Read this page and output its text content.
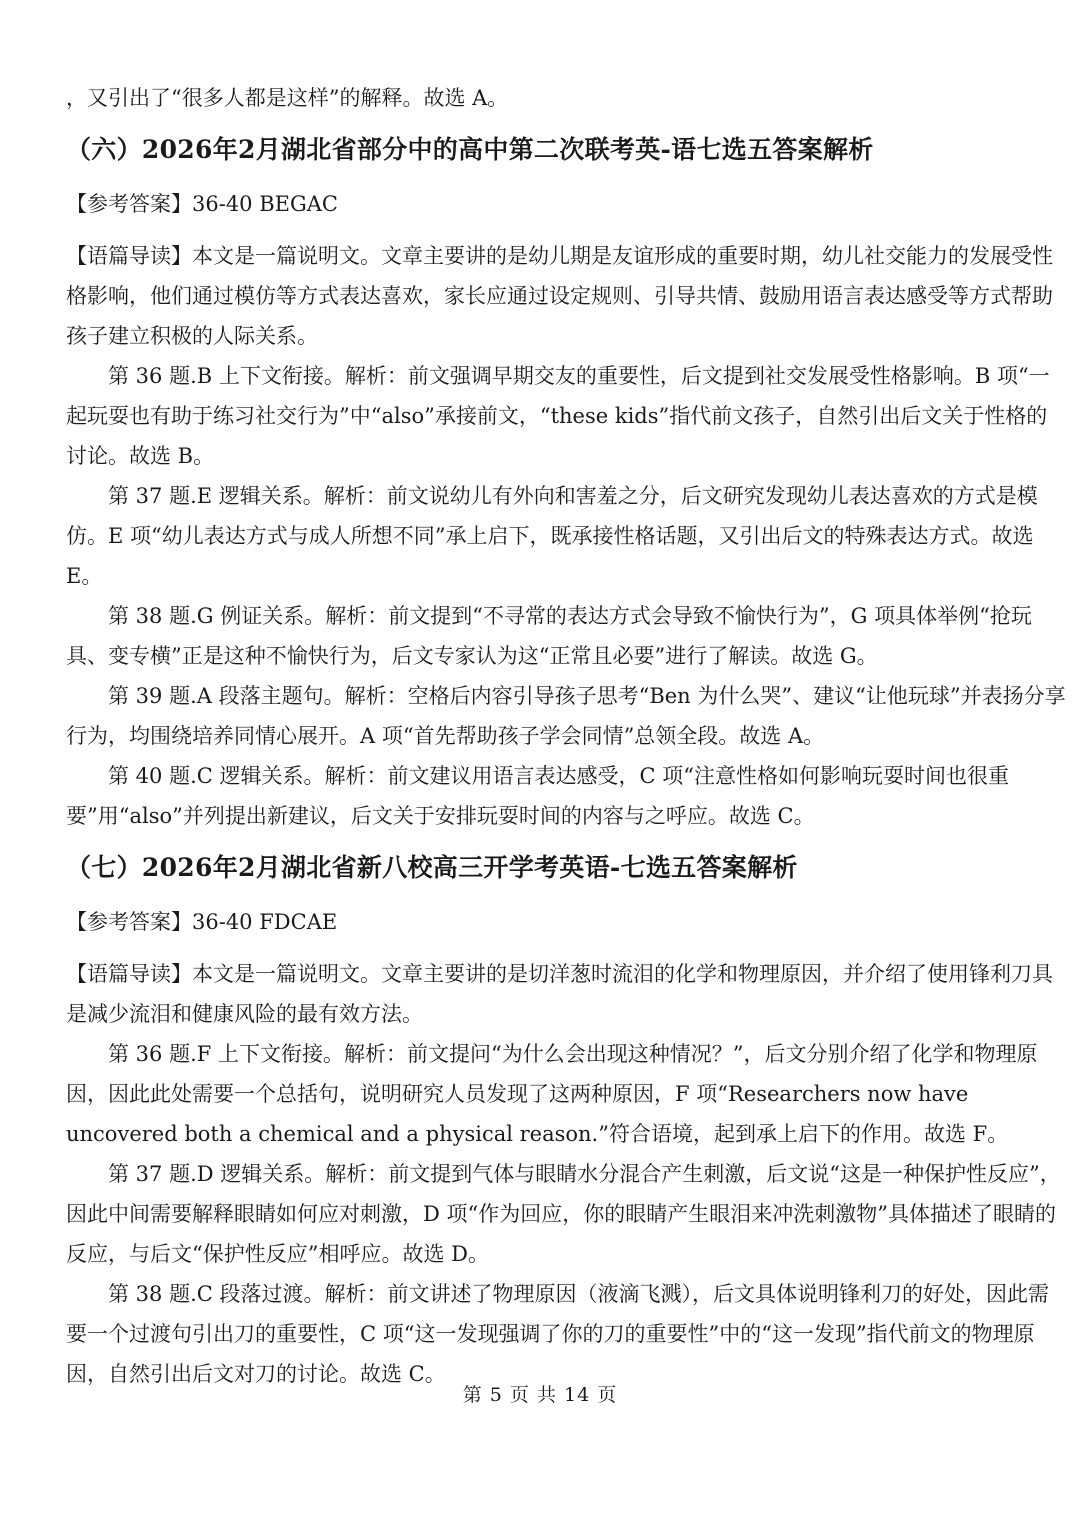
，又引出了“很多人都是这样”的解释。故选 A。

（六）2026年2月湖北省部分中的高中第二次联考英-语七选五答案解析

【参考答案】36-40 BEGAC

【语篇导读】本文是一篇说明文。文章主要讲的是幼儿期是友谊形成的重要时期，幼儿社交能力的发展受性格影响，他们通过模仿等方式表达喜欢，家长应通过设定规则、引导共情、鼓励用语言表达感受等方式帮助孩子建立积极的人际关系。

第 36 题.B 上下文衔接。解析：前文强调早期交友的重要性，后文提到社交发展受性格影响。B 项“一起玩耍也有助于练习社交行为”中“also”承接前文，“these kids”指代前文孩子，自然引出后文关于性格的讨论。故选 B。

第 37 题.E 逻辑关系。解析：前文说幼儿有外向和害羞之分，后文研究发现幼儿表达喜欢的方式是模仿。E 项“幼儿表达方式与成人所想不同”承上启下，既承接性格话题，又引出后文的特殊表达方式。故选 E。

第 38 题.G 例证关系。解析：前文提到“不寻常的表达方式会导致不愉快行为”，G 项具体举例“抢玩具、变专横”正是这种不愉快行为，后文专家认为这“正常且必要”进行了解读。故选 G。

第 39 题.A 段落主题句。解析：空格后内容引导孩子思考“Ben 为什么哭”、建议“让他玩球”并表扬分享行为，均围绕培养同情心展开。A 项“首先帮助孩子学会同情”总领全段。故选 A。

第 40 题.C 逻辑关系。解析：前文建议用语言表达感受，C 项“注意性格如何影响玩耍时间也很重要”用“also”并列提出新建议，后文关于安排玩耍时间的内容与之呼应。故选 C。

（七）2026年2月湖北省新八校高三开学考英语-七选五答案解析

【参考答案】36-40 FDCAE

【语篇导读】本文是一篇说明文。文章主要讲的是切洋葱时流泪的化学和物理原因，并介绍了使用锋利刀具是减少流泪和健康风险的最有效方法。

第 36 题.F 上下文衔接。解析：前文提问“为什么会出现这种情况？”，后文分别介绍了化学和物理原因，因此此处需要一个总括句，说明研究人员发现了这两种原因，F 项“Researchers now have uncovered both a chemical and a physical reason.”符合语境，起到承上启下的作用。故选 F。

第 37 题.D 逻辑关系。解析：前文提到气体与眼睛水分混合产生刺激，后文说“这是一种保护性反应”，因此中间需要解释眼睛如何应对刺激，D 项“作为回应，你的眼睛产生眼泪来冲洗刺激物”具体描述了眼睛的反应，与后文“保护性反应”相呼应。故选 D。

第 38 题.C 段落过渡。解析：前文讲述了物理原因（液滴飞溅），后文具体说明锋利刀的好处，因此需要一个过渡句引出刀的重要性，C 项“这一发现强调了你的刀的重要性”中的“这一发现”指代前文的物理原因，自然引出后文对刀的讨论。故选 C。

第 5 页 共 14 页
